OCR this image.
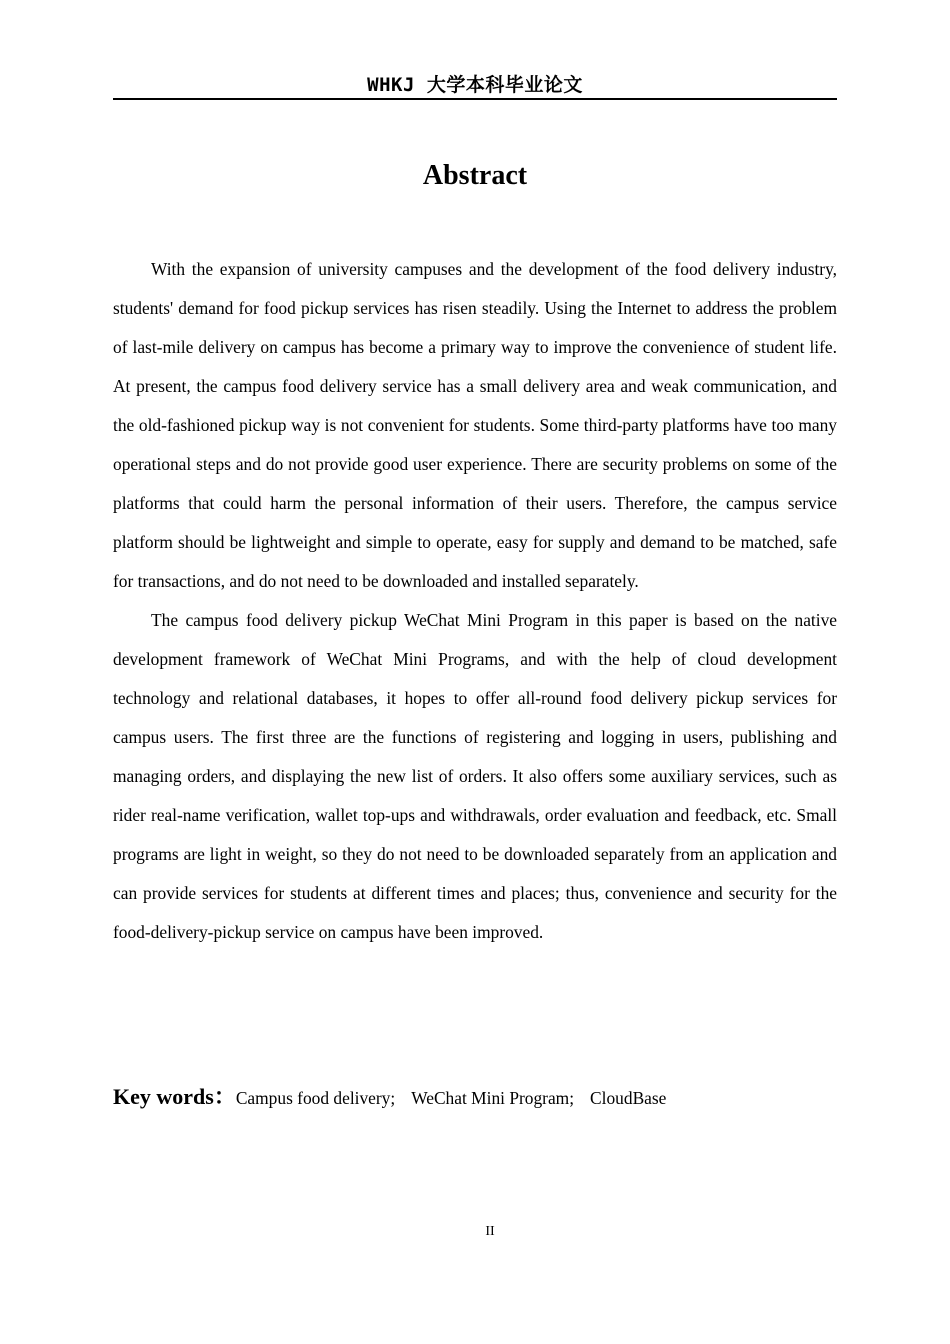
WHKJ 大学本科毕业论文
Abstract

With the expansion of university campuses and the development of the food delivery industry, students' demand for food pickup services has risen steadily. Using the Internet to address the problem of last-mile delivery on campus has become a primary way to improve the convenience of student life. At present, the campus food delivery service has a small delivery area and weak communication, and the old-fashioned pickup way is not convenient for students. Some third-party platforms have too many operational steps and do not provide good user experience. There are security problems on some of the platforms that could harm the personal information of their users. Therefore, the campus service platform should be lightweight and simple to operate, easy for supply and demand to be matched, safe for transactions, and do not need to be downloaded and installed separately.

The campus food delivery pickup WeChat Mini Program in this paper is based on the native development framework of WeChat Mini Programs, and with the help of cloud development technology and relational databases, it hopes to offer all-round food delivery pickup services for campus users. The first three are the functions of registering and logging in users, publishing and managing orders, and displaying the new list of orders. It also offers some auxiliary services, such as rider real-name verification, wallet top-ups and withdrawals, order evaluation and feedback, etc. Small programs are light in weight, so they do not need to be downloaded separately from an application and can provide services for students at different times and places; thus, convenience and security for the food-delivery-pickup service on campus have been improved.

Key words：Campus food delivery; WeChat Mini Program; CloudBase
II
